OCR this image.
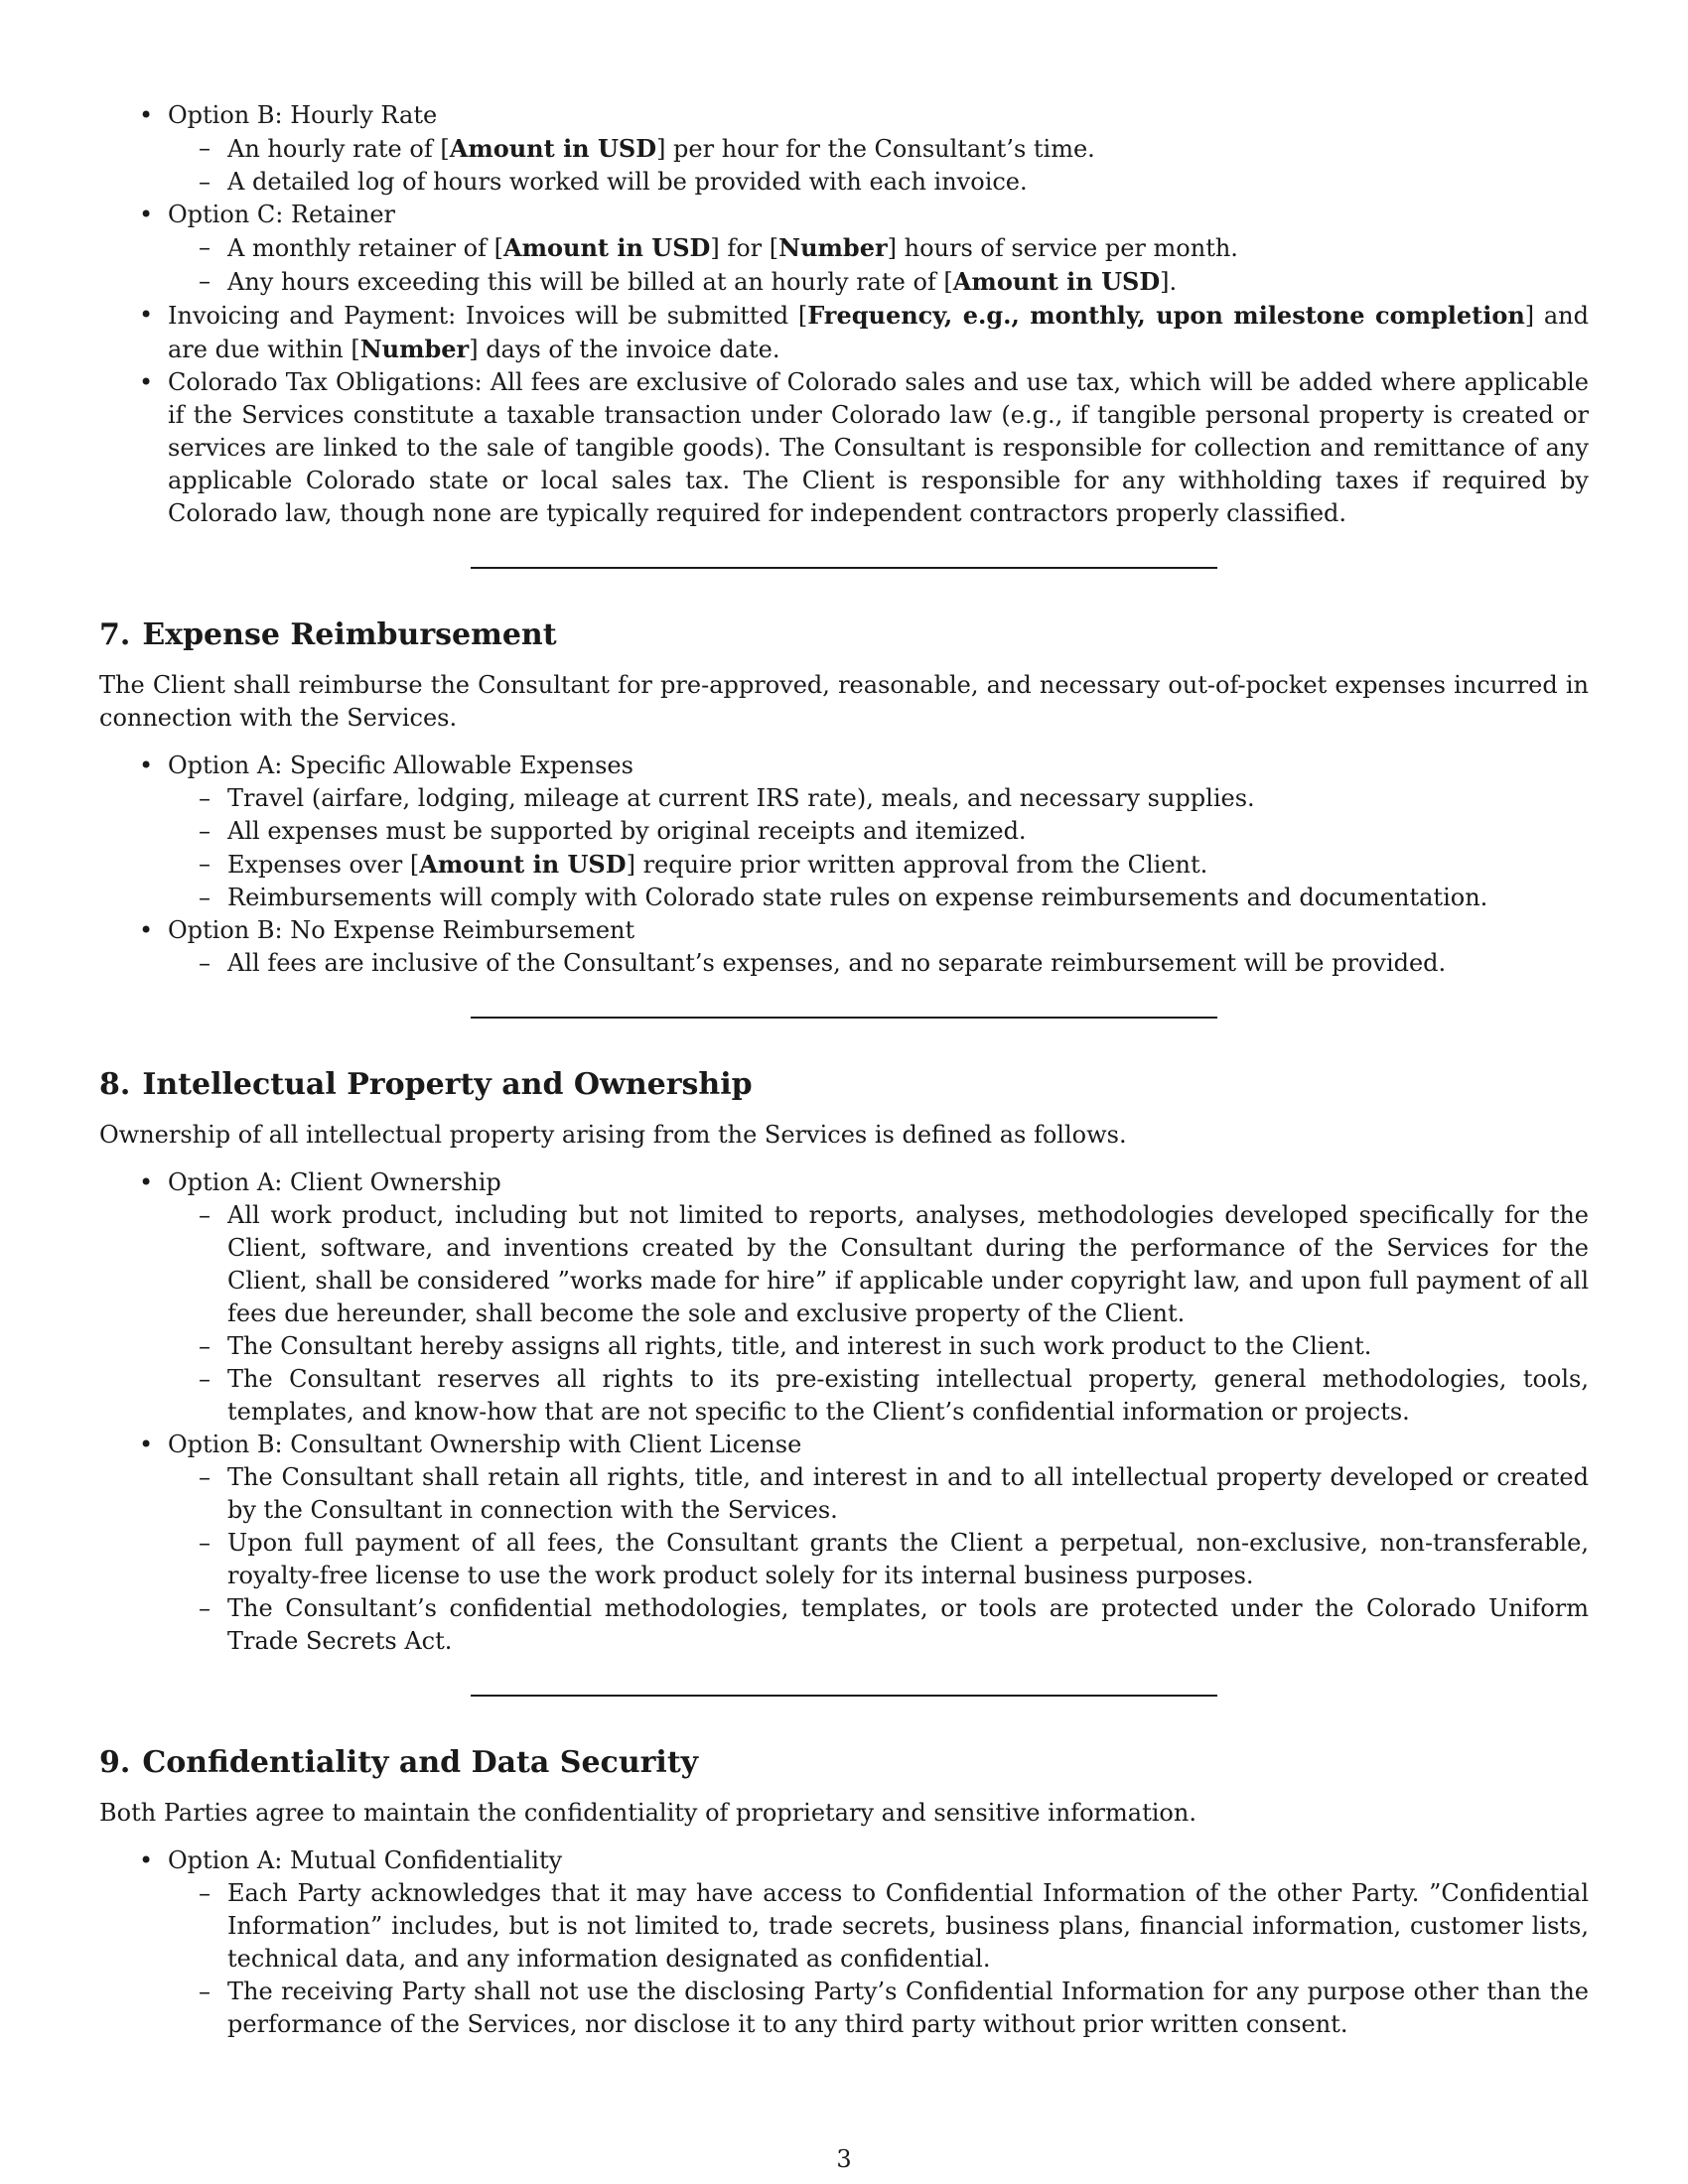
• Option B: Hourly Rate
– An hourly rate of [Amount in USD] per hour for the Consultant’s time.
– A detailed log of hours worked will be provided with each invoice.
• Option C: Retainer
– A monthly retainer of [Amount in USD] for [Number] hours of service per month.
– Any hours exceeding this will be billed at an hourly rate of [Amount in USD].
• Invoicing and Payment: Invoices will be submitted [Frequency, e.g., monthly, upon milestone completion] and are due within [Number] days of the invoice date.
• Colorado Tax Obligations: All fees are exclusive of Colorado sales and use tax, which will be added where applicable if the Services constitute a taxable transaction under Colorado law (e.g., if tangible personal property is created or services are linked to the sale of tangible goods). The Consultant is responsible for collection and remittance of any applicable Colorado state or local sales tax. The Client is responsible for any withholding taxes if required by Colorado law, though none are typically required for independent contractors properly classified.
7. Expense Reimbursement

The Client shall reimburse the Consultant for pre-approved, reasonable, and necessary out-of-pocket expenses incurred in connection with the Services.

• Option A: Specific Allowable Expenses
– Travel (airfare, lodging, mileage at current IRS rate), meals, and necessary supplies.
– All expenses must be supported by original receipts and itemized.
– Expenses over [Amount in USD] require prior written approval from the Client.
– Reimbursements will comply with Colorado state rules on expense reimbursements and documentation.
• Option B: No Expense Reimbursement
– All fees are inclusive of the Consultant’s expenses, and no separate reimbursement will be provided.
8. Intellectual Property and Ownership

Ownership of all intellectual property arising from the Services is defined as follows.

• Option A: Client Ownership
– All work product, including but not limited to reports, analyses, methodologies developed specifically for the Client, software, and inventions created by the Consultant during the performance of the Services for the Client, shall be considered ”works made for hire” if applicable under copyright law, and upon full payment of all fees due hereunder, shall become the sole and exclusive property of the Client.
– The Consultant hereby assigns all rights, title, and interest in such work product to the Client.
– The Consultant reserves all rights to its pre-existing intellectual property, general methodologies, tools, templates, and know-how that are not specific to the Client’s confidential information or projects.
• Option B: Consultant Ownership with Client License
– The Consultant shall retain all rights, title, and interest in and to all intellectual property developed or created by the Consultant in connection with the Services.
– Upon full payment of all fees, the Consultant grants the Client a perpetual, non-exclusive, non-transferable, royalty-free license to use the work product solely for its internal business purposes.
– The Consultant’s confidential methodologies, templates, or tools are protected under the Colorado Uniform Trade Secrets Act.
9. Confidentiality and Data Security

Both Parties agree to maintain the confidentiality of proprietary and sensitive information.

• Option A: Mutual Confidentiality
– Each Party acknowledges that it may have access to Confidential Information of the other Party. ”Confidential Information” includes, but is not limited to, trade secrets, business plans, financial information, customer lists, technical data, and any information designated as confidential.
– The receiving Party shall not use the disclosing Party’s Confidential Information for any purpose other than the performance of the Services, nor disclose it to any third party without prior written consent.
3
